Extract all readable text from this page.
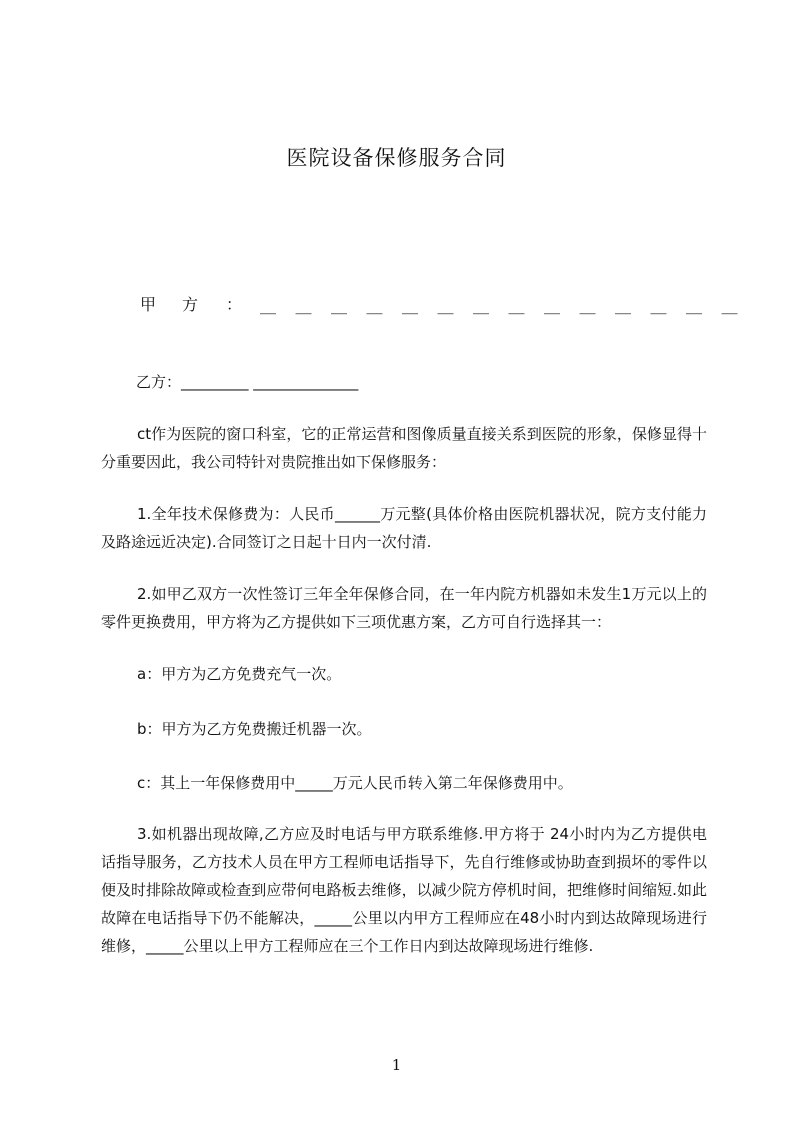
医院设备保修服务合同
甲方 ： ＿＿＿＿＿＿＿＿＿＿＿＿＿＿
乙方：_________ ______________
ct作为医院的窗口科室，它的正常运营和图像质量直接关系到医院的形象，保修显得十分重要因此，我公司特针对贵院推出如下保修服务：
1.全年技术保修费为：人民币______万元整(具体价格由医院机器状况，院方支付能力及路途远近决定).合同签订之日起十日内一次付清.
2.如甲乙双方一次性签订三年全年保修合同，在一年内院方机器如未发生1万元以上的零件更换费用，甲方将为乙方提供如下三项优惠方案，乙方可自行选择其一：
a：甲方为乙方免费充气一次。
b：甲方为乙方免费搬迁机器一次。
c：其上一年保修费用中_____万元人民币转入第二年保修费用中。
3.如机器出现故障,乙方应及时电话与甲方联系维修.甲方将于 24小时内为乙方提供电话指导服务，乙方技术人员在甲方工程师电话指导下，先自行维修或协助查到损坏的零件以便及时排除故障或检查到应带何电路板去维修，以减少院方停机时间，把维修时间缩短.如此故障在电话指导下仍不能解决，_____公里以内甲方工程师应在48小时内到达故障现场进行维修，_____公里以上甲方工程师应在三个工作日内到达故障现场进行维修.
1
